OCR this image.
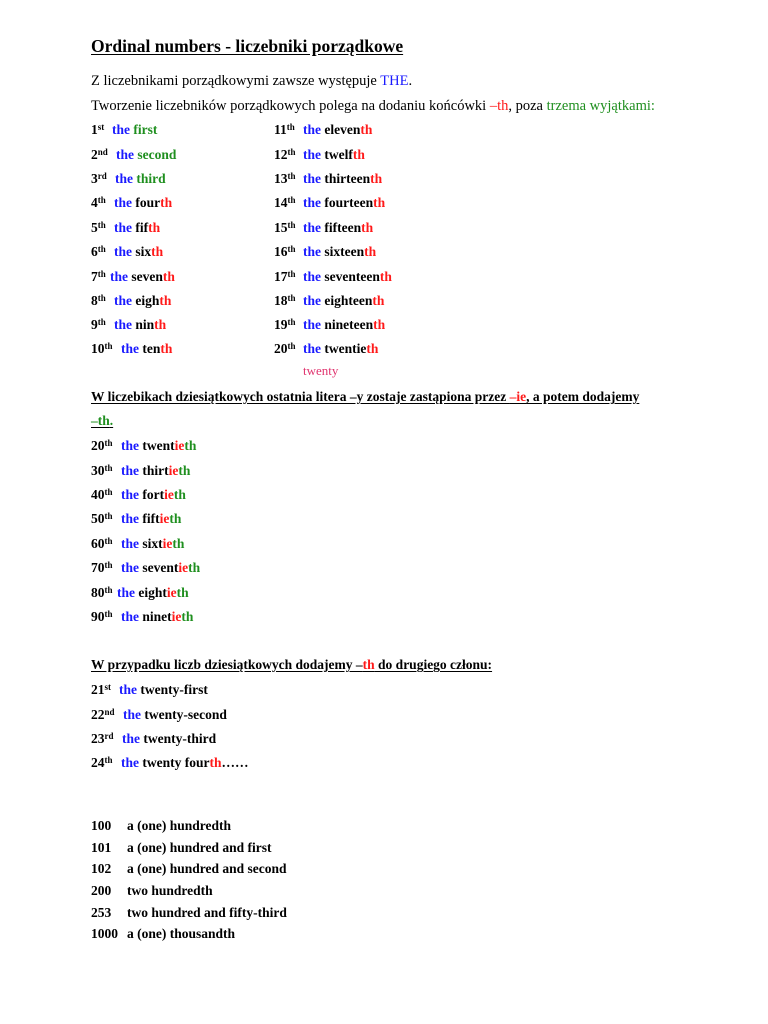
Ordinal numbers - liczebniki porządkowe
Z liczebnikami porządkowymi zawsze występuje THE.
Tworzenie liczebników porządkowych polega na dodaniu końcówki –th, poza trzema wyjątkami:
1st the first
2nd the second
3rd the third
4th the fourth
5th the fifth
6th the sixth
7th the seventh
8th the eighth
9th the ninth
10th the tenth
11th the eleventh
12th the twelfth
13th the thirteenth
14th the fourteenth
15th the fifteenth
16th the sixteenth
17th the seventeenth
18th the eighteenth
19th the nineteenth
20th the twentieth
twenty
W liczebikach dziesiątkowych ostatnia litera –y zostaje zastąpiona przez –ie, a potem dodajemy
–th.
20th the twentieth
30th the thirtieth
40th the fortieth
50th the fiftieth
60th the sixtieth
70th the seventieth
80th the eightieth
90th the ninetieth
W przypadku liczb dziesiątkowych dodajemy –th do drugiego członu:
21st the twenty-first
22nd the twenty-second
23rd the twenty-third
24th the twenty fourth……
100 a (one) hundredth
101 a (one) hundred and first
102 a (one) hundred and second
200 two hundredth
253 two hundred and fifty-third
1000 a (one) thousandth
